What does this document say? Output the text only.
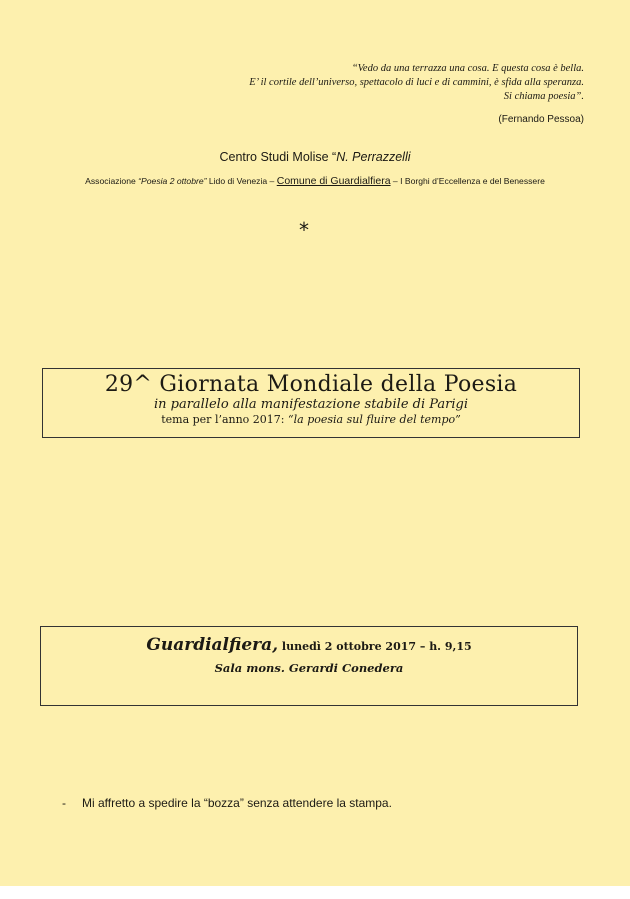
“Vedo da una terrazza una cosa. E questa cosa è bella.
E’ il cortile dell’universo, spettacolo di luci e di cammini, è sfida alla speranza.
Si chiama poesia”.
(Fernando Pessoa)
Centro Studi Molise “N. Perrazzelli
Associazione “Poesia 2 ottobre” Lido di Venezia – Comune di Guardialfiera – I Borghi d’Eccellenza e del Benessere
*
29^ Giornata Mondiale della Poesia
in parallelo alla manifestazione stabile di Parigi
tema per l’anno 2017: “la poesia sul fluire del tempo”
Guardialfiera, lunedì 2 ottobre 2017 – h. 9,15
Sala mons. Gerardi Conedera
- Mi affretto a spedire la “bozza” senza attendere la stampa.
